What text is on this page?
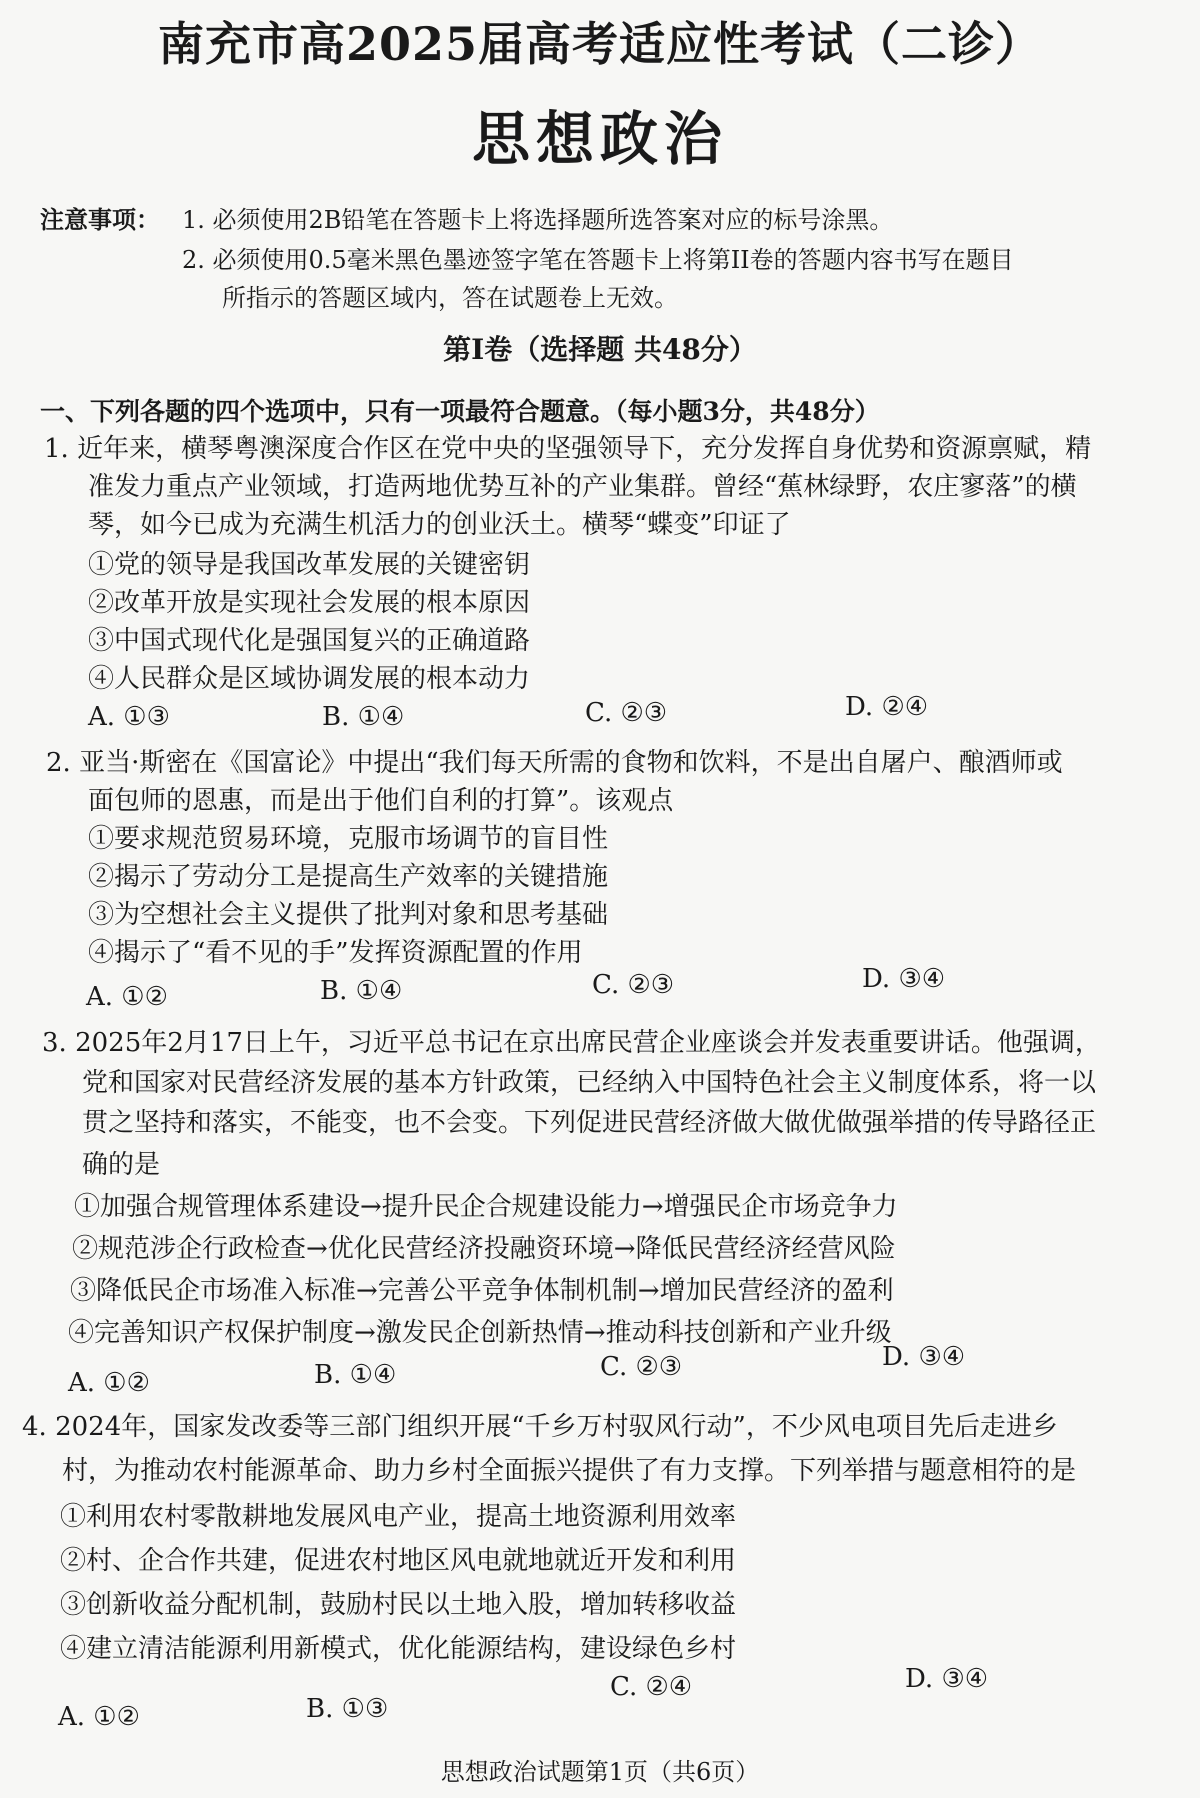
南充市高2025届高考适应性考试（二诊）
思想政治
注意事项： 1. 必须使用2B铅笔在答题卡上将选择题所选答案对应的标号涂黑。
2. 必须使用0.5毫米黑色墨迹签字笔在答题卡上将第II卷的答题内容书写在题目
所指示的答题区域内，答在试题卷上无效。
第I卷（选择题 共48分）
一、下列各题的四个选项中，只有一项最符合题意。（每小题3分，共48分）
1. 近年来，横琴粤澳深度合作区在党中央的坚强领导下，充分发挥自身优势和资源禀赋，精
准发力重点产业领域，打造两地优势互补的产业集群。曾经“蕉林绿野，农庄寥落”的横
琴，如今已成为充满生机活力的创业沃土。横琴“蝶变”印证了
①党的领导是我国改革发展的关键密钥
②改革开放是实现社会发展的根本原因
③中国式现代化是强国复兴的正确道路
④人民群众是区域协调发展的根本动力
A. ①③	B. ①④	C. ②③	D. ②④
2. 亚当·斯密在《国富论》中提出“我们每天所需的食物和饮料，不是出自屠户、酿酒师或
面包师的恩惠，而是出于他们自利的打算”。该观点
①要求规范贸易环境，克服市场调节的盲目性
②揭示了劳动分工是提高生产效率的关键措施
③为空想社会主义提供了批判对象和思考基础
④揭示了“看不见的手”发挥资源配置的作用
A. ①②	B. ①④	C. ②③	D. ③④
3. 2025年2月17日上午，习近平总书记在京出席民营企业座谈会并发表重要讲话。他强调，
党和国家对民营经济发展的基本方针政策，已经纳入中国特色社会主义制度体系，将一以
贯之坚持和落实，不能变，也不会变。下列促进民营经济做大做优做强举措的传导路径正
确的是
①加强合规管理体系建设→提升民企合规建设能力→增强民企市场竞争力
②规范涉企行政检查→优化民营经济投融资环境→降低民营经济经营风险
③降低民企市场准入标准→完善公平竞争体制机制→增加民营经济的盈利
④完善知识产权保护制度→激发民企创新热情→推动科技创新和产业升级
A. ①②	B. ①④	C. ②③	D. ③④
4. 2024年，国家发改委等三部门组织开展“千乡万村驭风行动”，不少风电项目先后走进乡
村，为推动农村能源革命、助力乡村全面振兴提供了有力支撑。下列举措与题意相符的是
①利用农村零散耕地发展风电产业，提高土地资源利用效率
②村、企合作共建，促进农村地区风电就地就近开发和利用
③创新收益分配机制，鼓励村民以土地入股，增加转移收益
④建立清洁能源利用新模式，优化能源结构，建设绿色乡村
A. ①②	B. ①③
C. ②④	D. ③④
思想政治试题第1页（共6页）
